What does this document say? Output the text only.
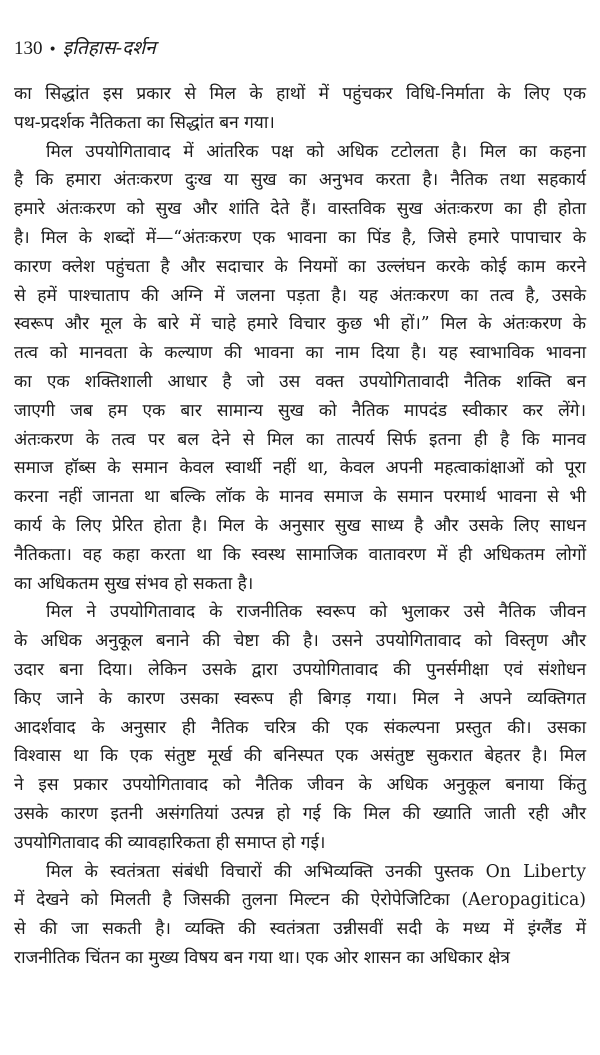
130 • इतिहास-दर्शन
का सिद्धांत इस प्रकार से मिल के हाथों में पहुंचकर विधि-निर्माता के लिए एक
पथ-प्रदर्शक नैतिकता का सिद्धांत बन गया।
मिल उपयोगितावाद में आंतरिक पक्ष को अधिक टटोलता है। मिल का कहना
है कि हमारा अंतःकरण दुःख या सुख का अनुभव करता है। नैतिक तथा सहकार्य
हमारे अंतःकरण को सुख और शांति देते हैं। वास्तविक सुख अंतःकरण का ही होता
है। मिल के शब्दों में—“अंतःकरण एक भावना का पिंड है, जिसे हमारे पापाचार के
कारण क्लेश पहुंचता है और सदाचार के नियमों का उल्लंघन करके कोई काम करने
से हमें पाश्चाताप की अग्नि में जलना पड़ता है। यह अंतःकरण का तत्व है, उसके
स्वरूप और मूल के बारे में चाहे हमारे विचार कुछ भी हों।” मिल के अंतःकरण के
तत्व को मानवता के कल्याण की भावना का नाम दिया है। यह स्वाभाविक भावना
का एक शक्तिशाली आधार है जो उस वक्त उपयोगितावादी नैतिक शक्ति बन
जाएगी जब हम एक बार सामान्य सुख को नैतिक मापदंड स्वीकार कर लेंगे।
अंतःकरण के तत्व पर बल देने से मिल का तात्पर्य सिर्फ इतना ही है कि मानव
समाज हॉब्स के समान केवल स्वार्थी नहीं था, केवल अपनी महत्वाकांक्षाओं को पूरा
करना नहीं जानता था बल्कि लॉक के मानव समाज के समान परमार्थ भावना से भी
कार्य के लिए प्रेरित होता है। मिल के अनुसार सुख साध्य है और उसके लिए साधन
नैतिकता। वह कहा करता था कि स्वस्थ सामाजिक वातावरण में ही अधिकतम लोगों
का अधिकतम सुख संभव हो सकता है।
मिल ने उपयोगितावाद के राजनीतिक स्वरूप को भुलाकर उसे नैतिक जीवन
के अधिक अनुकूल बनाने की चेष्टा की है। उसने उपयोगितावाद को विस्तृण और
उदार बना दिया। लेकिन उसके द्वारा उपयोगितावाद की पुनर्समीक्षा एवं संशोधन
किए जाने के कारण उसका स्वरूप ही बिगड़ गया। मिल ने अपने व्यक्तिगत
आदर्शवाद के अनुसार ही नैतिक चरित्र की एक संकल्पना प्रस्तुत की। उसका
विश्वास था कि एक संतुष्ट मूर्ख की बनिस्पत एक असंतुष्ट सुकरात बेहतर है। मिल
ने इस प्रकार उपयोगितावाद को नैतिक जीवन के अधिक अनुकूल बनाया किंतु
उसके कारण इतनी असंगतियां उत्पन्न हो गई कि मिल की ख्याति जाती रही और
उपयोगितावाद की व्यावहारिकता ही समाप्त हो गई।
मिल के स्वतंत्रता संबंधी विचारों की अभिव्यक्ति उनकी पुस्तक On Liberty
में देखने को मिलती है जिसकी तुलना मिल्टन की ऐरोपेजिटिका (Aeropagitica)
से की जा सकती है। व्यक्ति की स्वतंत्रता उन्नीसवीं सदी के मध्य में इंग्लैंड में
राजनीतिक चिंतन का मुख्य विषय बन गया था। एक ओर शासन का अधिकार क्षेत्र
